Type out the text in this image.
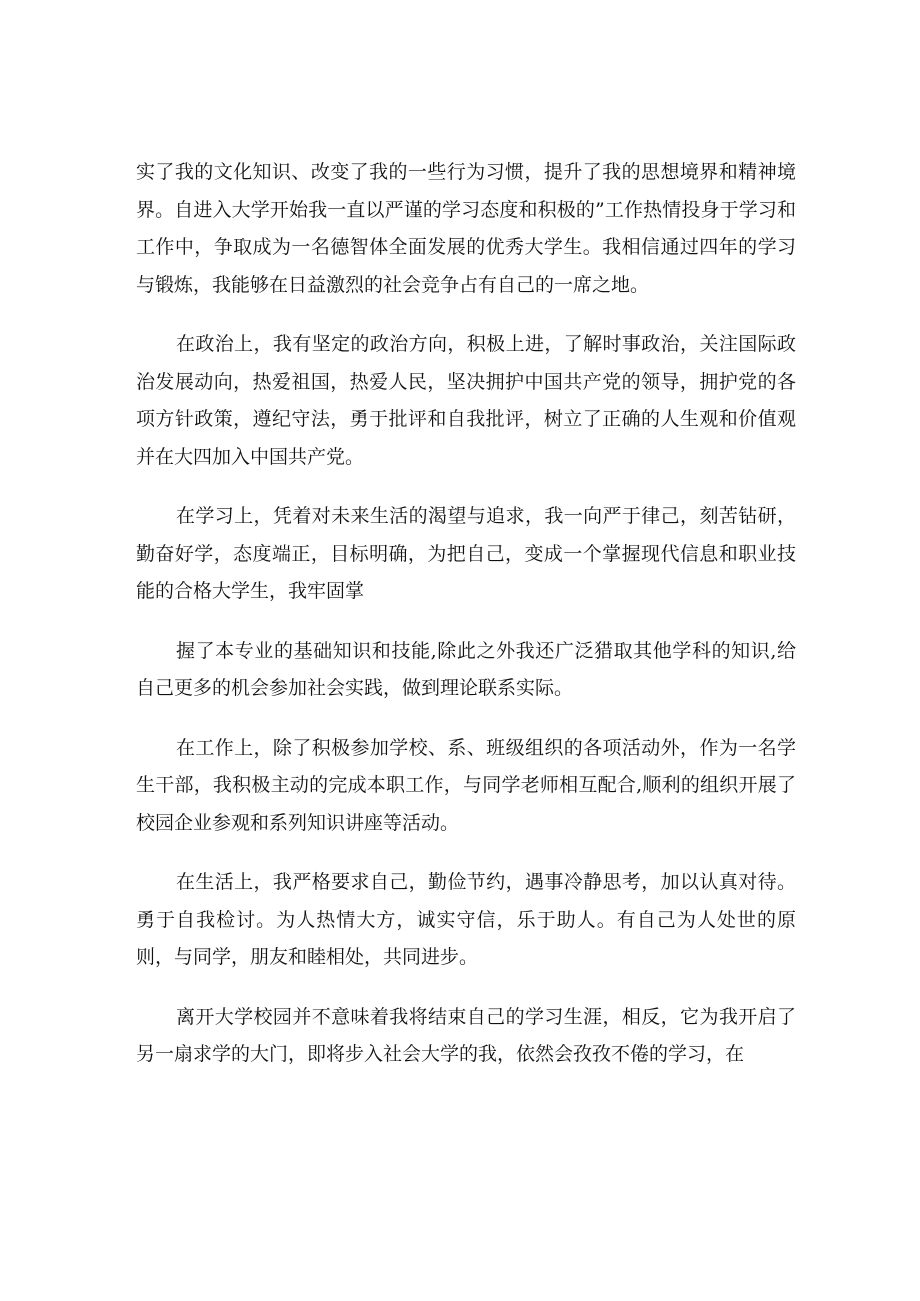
实了我的文化知识、改变了我的一些行为习惯，提升了我的思想境界和精神境界。自进入大学开始我一直以严谨的学习态度和积极的”工作热情投身于学习和工作中，争取成为一名德智体全面发展的优秀大学生。我相信通过四年的学习与锻炼，我能够在日益激烈的社会竞争占有自己的一席之地。

在政治上，我有坚定的政治方向，积极上进，了解时事政治，关注国际政治发展动向，热爱祖国，热爱人民，坚决拥护中国共产党的领导，拥护党的各项方针政策，遵纪守法，勇于批评和自我批评，树立了正确的人生观和价值观并在大四加入中国共产党。

在学习上，凭着对未来生活的渴望与追求，我一向严于律己，刻苦钻研，勤奋好学，态度端正，目标明确，为把自己，变成一个掌握现代信息和职业技能的合格大学生，我牢固掌

握了本专业的基础知识和技能,除此之外我还广泛猎取其他学科的知识,给自己更多的机会参加社会实践，做到理论联系实际。

在工作上，除了积极参加学校、系、班级组织的各项活动外，作为一名学生干部，我积极主动的完成本职工作，与同学老师相互配合,顺利的组织开展了校园企业参观和系列知识讲座等活动。

在生活上，我严格要求自己，勤俭节约，遇事冷静思考，加以认真对待。勇于自我检讨。为人热情大方，诚实守信，乐于助人。有自己为人处世的原则，与同学，朋友和睦相处，共同进步。

离开大学校园并不意味着我将结束自己的学习生涯，相反，它为我开启了另一扇求学的大门，即将步入社会大学的我，依然会孜孜不倦的学习，在
